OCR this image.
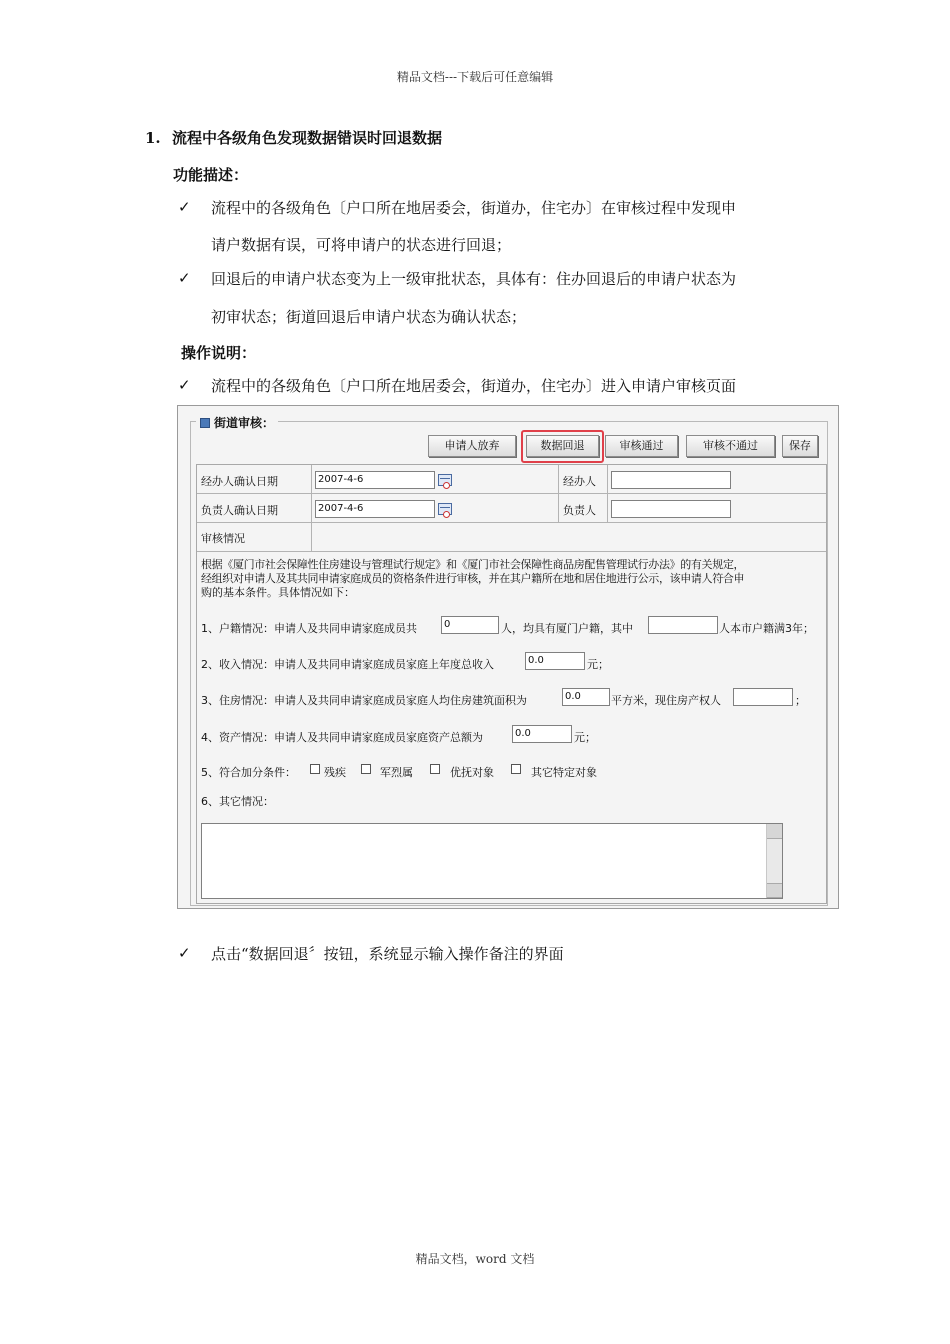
精品文档---下载后可任意编辑
1. 流程中各级角色发现数据错误时回退数据
功能描述：
✓ 流程中的各级角色〔户口所在地居委会，街道办，住宅办〕在审核过程中发现申
请户数据有误，可将申请户的状态进行回退；
✓ 回退后的申请户状态变为上一级审批状态，具体有：住办回退后的申请户状态为
初审状态；街道回退后申请户状态为确认状态；
操作说明：
✓ 流程中的各级角色〔户口所在地居委会，街道办，住宅办〕进入申请户审核页面
街道审核：
申请人放弃	数据回退	审核通过	审核不通过	保存
经办人确认日期	2007-4-6	经办人
负责人确认日期	2007-4-6	负责人
审核情况
根据《厦门市社会保障性住房建设与管理试行规定》和《厦门市社会保障性商品房配售管理试行办法》的有关规定，
经组织对申请人及其共同申请家庭成员的资格条件进行审核，并在其户籍所在地和居住地进行公示，该申请人符合申
购的基本条件。具体情况如下：
1、户籍情况：申请人及共同申请家庭成员共	0	人，均具有厦门户籍，其中	人本市户籍满3年；
2、收入情况：申请人及共同申请家庭成员家庭上年度总收入	0.0	元；
3、住房情况：申请人及共同申请家庭成员家庭人均住房建筑面积为	0.0	平方米，现住房产权人	；
4、资产情况：申请人及共同申请家庭成员家庭资产总额为	0.0	元；
5、符合加分条件：	残疾	军烈属	优抚对象	其它特定对象
6、其它情况：
✓ 点击“数据回退〞按钮，系统显示输入操作备注的界面
精品文档，word 文档
